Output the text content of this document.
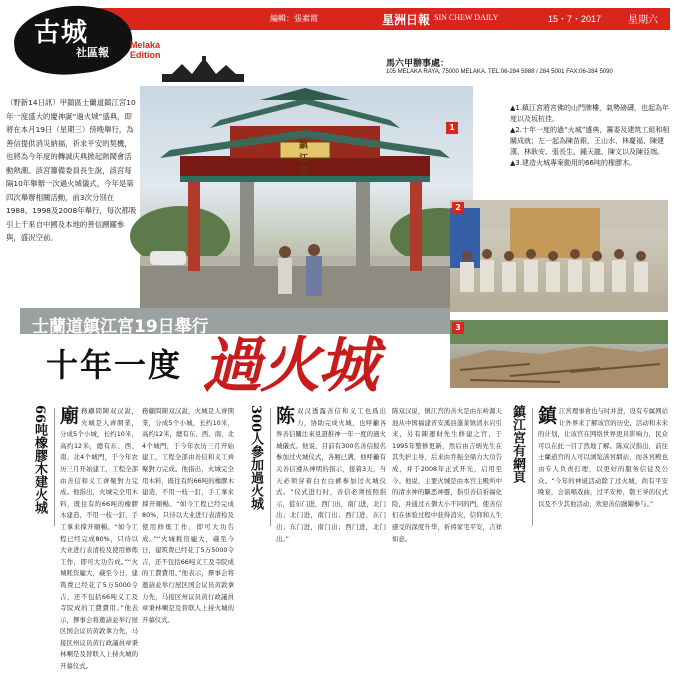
古城
社區報
Melaka
Edition
編輯：張素霞	星洲日報 SIN CHEW DAILY	15・7・2017	星期六
馬六甲辦事處：
105 MELAKA RAYA, 75000 MELAKA. TEL:06-284 5988 / 284 5001 FAX:06-284 5090
（野新14日訊）甲鎮區士蘭道鎮江宮10年一度盛大的慶神誕“過火城”盛典，即將在本月19日（星期三）傍晚舉行，為善信提供消災納福，祈求平安的契機，也將為今年度的轉誠庆典掀起熱鬧會活動熱潮。該宮籌備委員長生說，該宮每隔10年舉辦一次過火城儀式，今年是第四次舉辦相關活動，前3次分別在1988、1998及2008年舉行，每次都吸引上千來自中國及本地的善信踴躍參與，盛況空前。
鎮江宮
1
▲1.鎮江宮將宮佛的山門牌樓，氣勢磅礴，也起為年度以及坂杭佳。
▲2.十年一度的過“火城”盛典，籌委及建筑工組和相關成就；左一起為陳苗銀、王山水、林慶福、陳建漢、林耿安、張長生、鍾天龍、陳文以及陳亞端。
▲3.建造火城專案動用的66吨的橡膠木。
2
3
士蘭道鎮江宮19日舉行
十年一度 過火城
66吨橡膠木建火城 廟務顧問陳双汉說，火城是人齊開業，分成5个小城，长约10米，高约12米，總有东、西、南、北4个城門，于今年农历三月开始建工，工程全部由善信和义工齊聚對力完成。他指出，火城完全用木料，既往有約66吨的橡膠木建造，不用一枝一釘，手工拿来撑开順暢。“如今工程已经完成80%，只待以大业进行表清检及使用修炼工作，即可大功告成。”“火城耗资龐大，蔵至今日，建筑费已经花了5万5000令吉，还不包括66吨义工及寺院成的工費費用。”他表示，擇事会将邀請並举行屋区国会议员黄敦拿力先，马接区州议员黄行政議員章秉林喇是及替联人上持火城的开幕仪式。
務顧問陳双汉說，火城是人齊開業，分成5个小城，长约10米，高约12米，總有东、西、南、北4个城門，于今年农历三月开始建工，工程全部由善信和义工齊聚對力完成。他指出，火城完全用木料，既往有約66吨的橡膠木建造，不用一枝一釘，手工拿来撑开順暢。“如今工程已经完成80%，只待以大业进行表清检及使用修炼工作，即可大功告成。”“火城耗资龐大，蔵至今日，建筑费已经花了5万5000令吉，还不包括66吨义工及寺院成的工費費用。”他表示，擇事会将邀請並举行屋区国会议员黄敦拿力先，马接区州议员黄行政議員章秉林喇是及替联人上持火城的开幕仪式。
300人參加過火城 陈双汉透露善信和义工也爲出力，协助完成火城，也呼籲各界善信關注來見證推神一年一度的過火城儀式。他说，目前有300名善信报名参加过火城仪式，各厢已满，他呼籲有关善信遵从神明的指示，接着3天，当天必须穿着白衣白裤参加过火城仪式。“仪式进行时，善信必须按照指示，從东门进，西门出，南门进，北门出；北门进，南门出；西门进，东门出；东门进，南门出；西门进，北门出。”
陈双汉说，镇江宫的善火是由东岭源天池从中国福建省安溪县蓬莱镇清水岩引来，另有陳運財先生修建之宫，于1995年整修更新，然后由吉炳先生在其失护主导，后来由乔振全鼎力大功告成，并于2008年正式开光，启用至今。他说，主要火城是由本宫主殿所中的清水神的驅恶神靈，指引善信祈福化险，并通过五個大小不同的門，使善信们在体验过程中获得消灾，信仰和人生感受的深度升华，祈祷家宅平安，吉祥如意。
鎮江宮有網頁 鎮江宮理事會也与时并进，设有专属网站让外界来了解该宫的历史，活动和未来的计划，让该宫在网络世界更具影响力，民众可以在此一目了然地了解。陈双汉指出，前往士蘭道宫的人可以浏览該宮網站，而各宮殿也由专人负责打理，以更好的服务信徒及公众。“今年的神诞活动除了过火城，尚有平安晚宴，会演唱戏曲，过平安桥，敬王爷的仪式以及不少其他活动，欢迎善信踴躍参与。”
